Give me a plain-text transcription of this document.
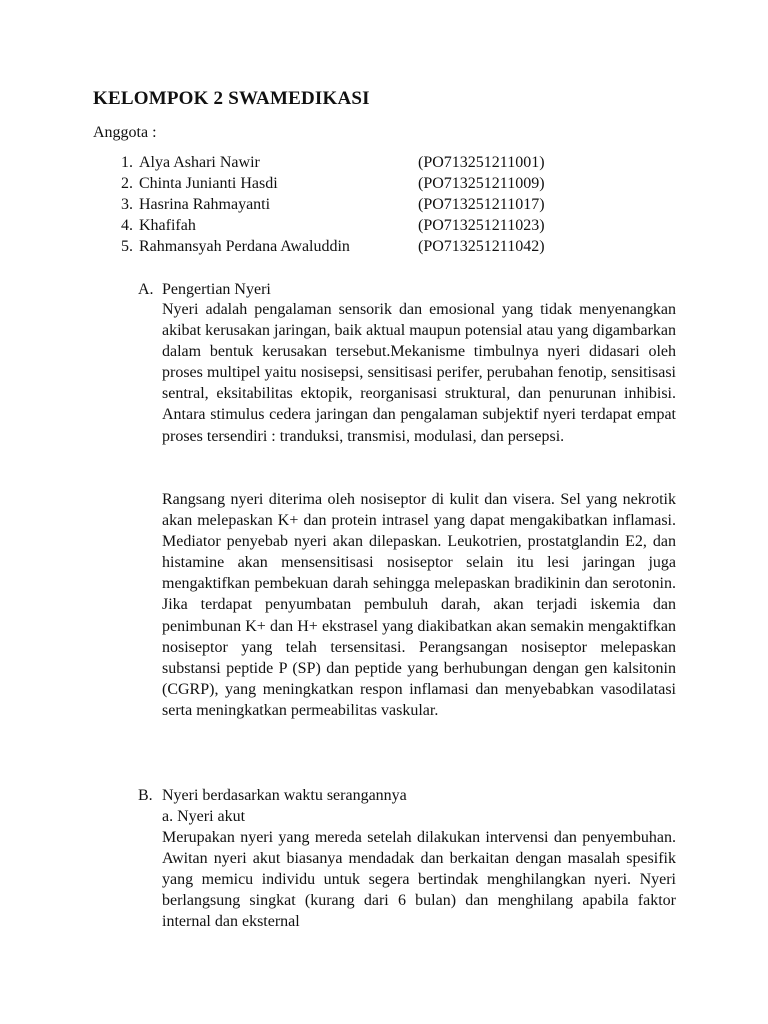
KELOMPOK 2 SWAMEDIKASI
Anggota :
1. Alya Ashari Nawir	(PO713251211001)
2. Chinta Junianti Hasdi	(PO713251211009)
3. Hasrina Rahmayanti	(PO713251211017)
4. Khafifah	(PO713251211023)
5. Rahmansyah Perdana Awaluddin	(PO713251211042)
A. Pengertian Nyeri

Nyeri adalah pengalaman sensorik dan emosional yang tidak menyenangkan akibat kerusakan jaringan, baik aktual maupun potensial atau yang digambarkan dalam bentuk kerusakan tersebut.Mekanisme timbulnya nyeri didasari oleh proses multipel yaitu nosisepsi, sensitisasi perifer, perubahan fenotip, sensitisasi sentral, eksitabilitas ektopik, reorganisasi struktural, dan penurunan inhibisi. Antara stimulus cedera jaringan dan pengalaman subjektif nyeri terdapat empat proses tersendiri : tranduksi, transmisi, modulasi, dan persepsi.

Rangsang nyeri diterima oleh nosiseptor di kulit dan visera. Sel yang nekrotik akan melepaskan K+ dan protein intrasel yang dapat mengakibatkan inflamasi. Mediator penyebab nyeri akan dilepaskan. Leukotrien, prostatglandin E2, dan histamine akan mensensitisasi nosiseptor selain itu lesi jaringan juga mengaktifkan pembekuan darah sehingga melepaskan bradikinin dan serotonin. Jika terdapat penyumbatan pembuluh darah, akan terjadi iskemia dan penimbunan K+ dan H+ ekstrasel yang diakibatkan akan semakin mengaktifkan nosiseptor yang telah tersensitasi. Perangsangan nosiseptor melepaskan substansi peptide P (SP) dan peptide yang berhubungan dengan gen kalsitonin (CGRP), yang meningkatkan respon inflamasi dan menyebabkan vasodilatasi serta meningkatkan permeabilitas vaskular.

B. Nyeri berdasarkan waktu serangannya
a. Nyeri akut

Merupakan nyeri yang mereda setelah dilakukan intervensi dan penyembuhan. Awitan nyeri akut biasanya mendadak dan berkaitan dengan masalah spesifik yang memicu individu untuk segera bertindak menghilangkan nyeri. Nyeri berlangsung singkat (kurang dari 6 bulan) dan menghilang apabila faktor internal dan eksternal
